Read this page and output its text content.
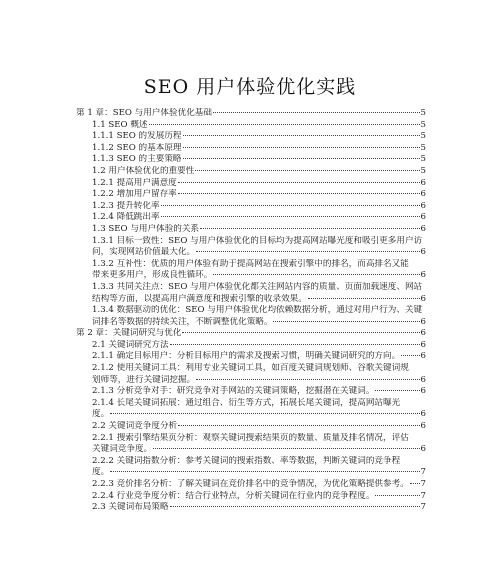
SEO 用户体验优化实践
第 1 章：SEO 与用户体验优化基础	5
1.1 SEO 概述	5
1.1.1 SEO 的发展历程	5
1.1.2 SEO 的基本原理	5
1.1.3 SEO 的主要策略	5
1.2 用户体验优化的重要性	5
1.2.1 提高用户满意度	6
1.2.2 增加用户留存率	6
1.2.3 提升转化率	6
1.2.4 降低跳出率	6
1.3 SEO 与用户体验的关系	6
1.3.1 目标一致性：SEO 与用户体验优化的目标均为提高网站曝光度和吸引更多用户访
问，实现网站价值最大化。	6
1.3.2 互补性：优质的用户体验有助于提高网站在搜索引擎中的排名，而高排名又能
带来更多用户，形成良性循环。	6
1.3.3 共同关注点：SEO 与用户体验优化都关注网站内容的质量、页面加载速度、网站
结构等方面，以提高用户满意度和搜索引擎的收录效果。	6
1.3.4 数据驱动的优化：SEO 与用户体验优化均依赖数据分析，通过对用户行为、关键
词排名等数据的持续关注，不断调整优化策略。	6
第 2 章：关键词研究与优化	6
2.1 关键词研究方法	6
2.1.1 确定目标用户：分析目标用户的需求及搜索习惯，明确关键词研究的方向。 6
2.1.2 使用关键词工具：利用专业关键词工具，如百度关键词规划师、谷歌关键词规
划师等，进行关键词挖掘。	6
2.1.3 分析竞争对手：研究竞争对手网站的关键词策略，挖掘潜在关键词。	6
2.1.4 长尾关键词拓展：通过组合、衍生等方式，拓展长尾关键词，提高网站曝光
度。	6
2.2 关键词竞争度分析	6
2.2.1 搜索引擎结果页分析：观察关键词搜索结果页的数量、质量及排名情况，评估
关键词竞争度。	6
2.2.2 关键词指数分析：参考关键词的搜索指数、率等数据，判断关键词的竞争程
度。	7
2.2.3 竞价排名分析：了解关键词在竞价排名中的竞争情况，为优化策略提供参考。 7
2.2.4 行业竞争度分析：结合行业特点，分析关键词在行业内的竞争程度。	7
2.3 关键词布局策略	7
